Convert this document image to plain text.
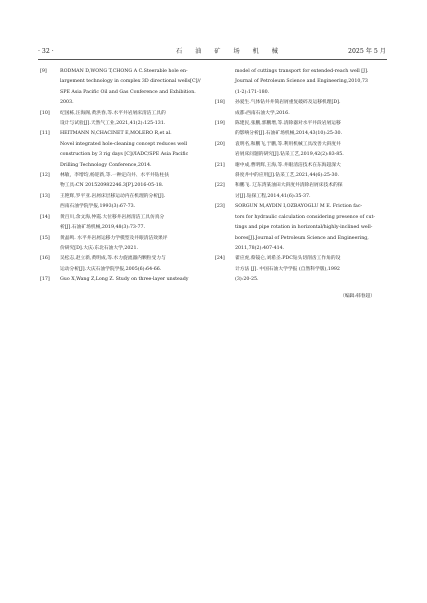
· 32 ·	石 油 矿 场 机 械	2025 年 5 月
[9]	RODMAN D,WONG T,CHONG A C.Steerable hole en-
largement technology in complex 3D directional wells[C]//
SPE Asia Pacific Oil and Gas Conference and Exhibition.
2003.
[10] 纪国栋,汪海阁,黄洪春,等.水平井岩屑床清洁工具的
设计与试验[J].天然气工业,2021,41(2):125-131.
[11] HEITMANN N,CHACINET E,MOLERO R,et al.
Novel integrated hole-cleaning concept reduces well
construction by 3 rig days [C]//IADC/SPE Asia Pacific
Drilling Technology Conference,2014.
[12] 林敏，李增均,杨迎新,等.一种定向井、水平井钻柱扶
物工具:CN 201520982246.3[P].2016-05-18.
[13] 王艳辉,罗平亚.岩屑床层移运动内在机理的分析[J].
西南石油学院学报,1993(3):67-73.
[14] 黄百川,余文海,仲霞.大位移井岩屑清洁工具仿真分
析[J].石油矿场机械,2019,48(3):73-77.
[15] 黄晶鸣. 水平井岩屑运移力学模型及井眼清洁效果评
价研究[D].大庆:东北石油大学,2021.
[16] 吴松志,赵立新,黄明成,等.水力旋流器内颗粒受力与
运动分析[J].大庆石油学院学报,2005(6):64-66.
[17] Guo X,Wang Z,Long Z. Study on three-layer unsteady
model of cuttings transport for extended-reach well [J].
Journal of Petroleum Science and Engineering,2010,73
(1-2):171-180.
[18] 孙爱生.气体钻井井筒岩屑重复破碎及运移机理[D].
成都:西南石油大学,2016.
[19] 陈建民,张鹏,郭鹏增,等.清除器对水平井段岩屑运移
的影响分析[J].石油矿场机械,2014,43(10):25-30.
[20] 袁明名,和鹏飞,于鹏,等.利用机械工具改善大斜度井
岩屑床问题的研究[J].钻采工艺,2019,42(2):83-85.
[21] 谢中成,曹明辉,王海,等.井眼清洁技术在东海超深大
斜度井中的应用[J].钻采工艺,2021,44(6):25-30.
[22] 和鹏飞. 辽东湾某油田大斜度井清除岩屑床技术的探
讨[J].钻探工程,2014,41(6):35-37.
[23] SORGUN M,AYDIN I,OZBAYOGLU M E. Friction fac-
tors for hydraulic calculation considering presence of cut-
tings and pipe rotation in horizontal/highly-inclined well-
bores[J].Journal of Petroleum Science and Engineering,
2011,78(2):407-414.
[24] 翟应虎,蔡镜仑,刘希圣.PDC钻头切削齿工作角的设
计方法 [J]. 中国石油大学学报 (自然科学版),1992
(3):20-25.
（编辑:韩春超）
